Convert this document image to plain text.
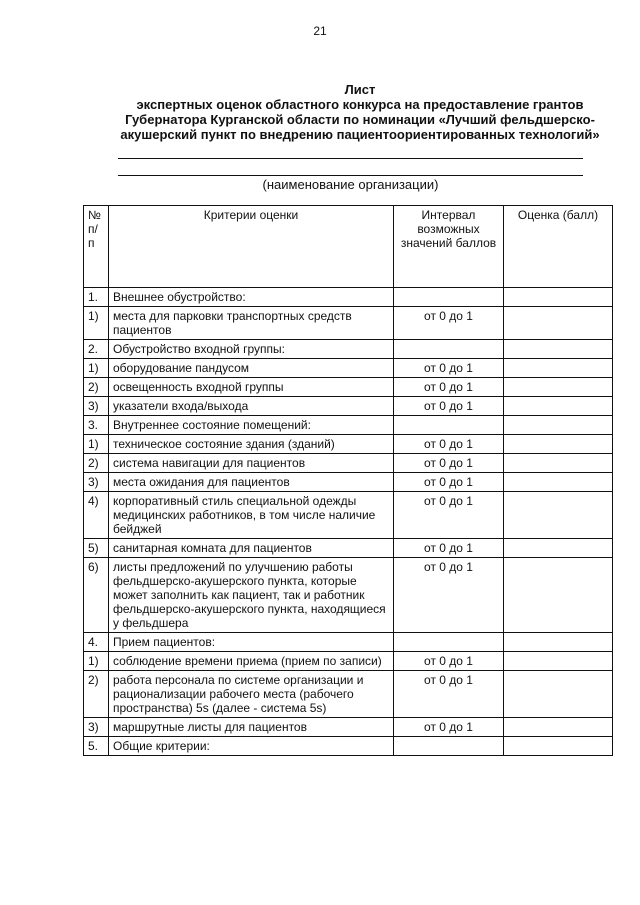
21
Лист
экспертных оценок областного конкурса на предоставление грантов
Губернатора Курганской области по номинации «Лучший фельдшерско-
акушерский пункт по внедрению пациентоориентированных технологий»
(наименование организации)
№ п/п	Критерии оценки	Интервал возможных значений баллов	Оценка (балл)
1.	Внешнее обустройство:		
1)	места для парковки транспортных средств пациентов	от 0 до 1	
2.	Обустройство входной группы:		
1)	оборудование пандусом	от 0 до 1	
2)	освещенность входной группы	от 0 до 1	
3)	указатели входа/выхода	от 0 до 1	
3.	Внутреннее состояние помещений:		
1)	техническое состояние здания (зданий)	от 0 до 1	
2)	система навигации для пациентов	от 0 до 1	
3)	места ожидания для пациентов	от 0 до 1	
4)	корпоративный стиль специальной одежды медицинских работников, в том числе наличие бейджей	от 0 до 1	
5)	санитарная комната для пациентов	от 0 до 1	
6)	листы предложений по улучшению работы фельдшерско-акушерского пункта, которые может заполнить как пациент, так и работник фельдшерско-акушерского пункта, находящиеся у фельдшера	от 0 до 1	
4.	Прием пациентов:		
1)	соблюдение времени приема (прием по записи)	от 0 до 1	
2)	работа персонала по системе организации и рационализации рабочего места (рабочего пространства) 5s (далее - система 5s)	от 0 до 1	
3)	маршрутные листы для пациентов	от 0 до 1	
5.	Общие критерии:		
